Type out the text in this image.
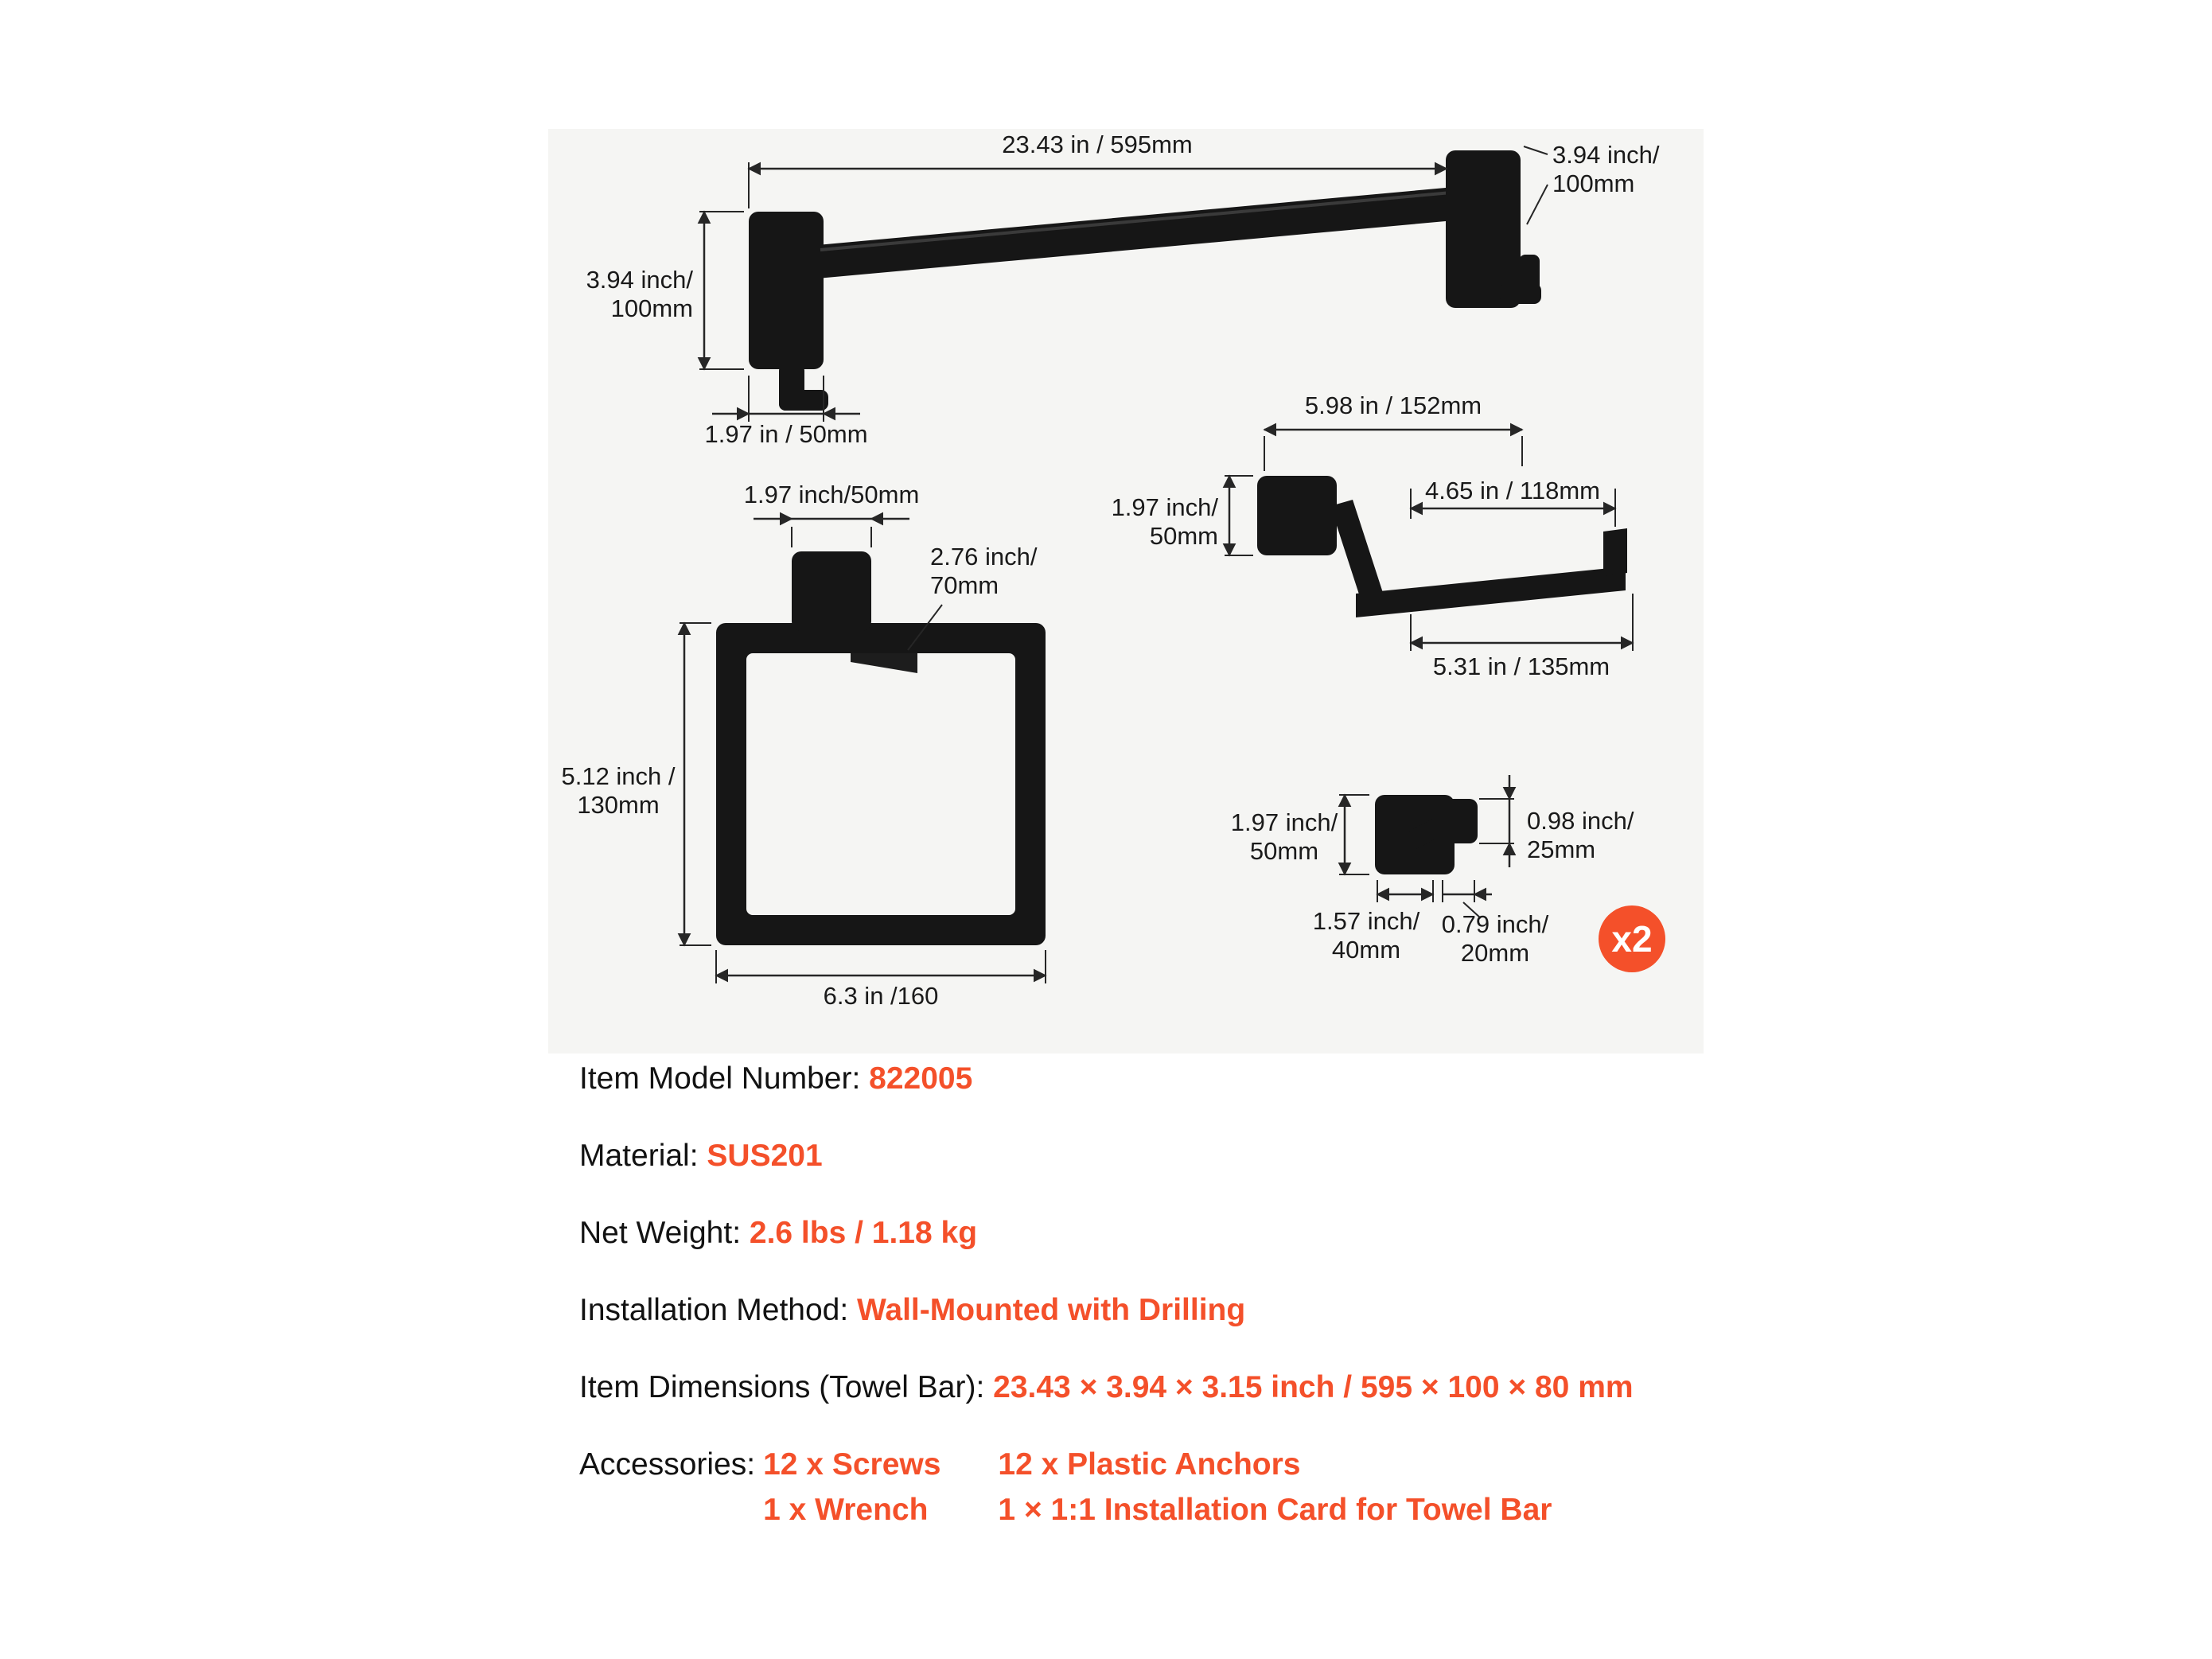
23.43 in / 595mm	3.94 inch/
100mm
3.94 inch/
100mm
1.97 in / 50mm
1.97 inch/50mm
2.76 inch/
70mm
5.12 inch /
130mm
6.3 in /160
5.98 in / 152mm
4.65 in / 118mm
1.97 inch/
50mm
5.31 in / 135mm
1.97 inch/
50mm
0.98 inch/
25mm
1.57 inch/
40mm
0.79 inch/
20mm x2
Item Model Number: 822005
Material: SUS201
Net Weight: 2.6 lbs / 1.18 kg
Installation Method: Wall-Mounted with Drilling
Item Dimensions (Towel Bar): 23.43 × 3.94 × 3.15 inch / 595 × 100 × 80 mm
Accessories: 12 x Screws 12 x Plastic Anchors
1 x Wrench	1 × 1:1 Installation Card for Towel Bar
